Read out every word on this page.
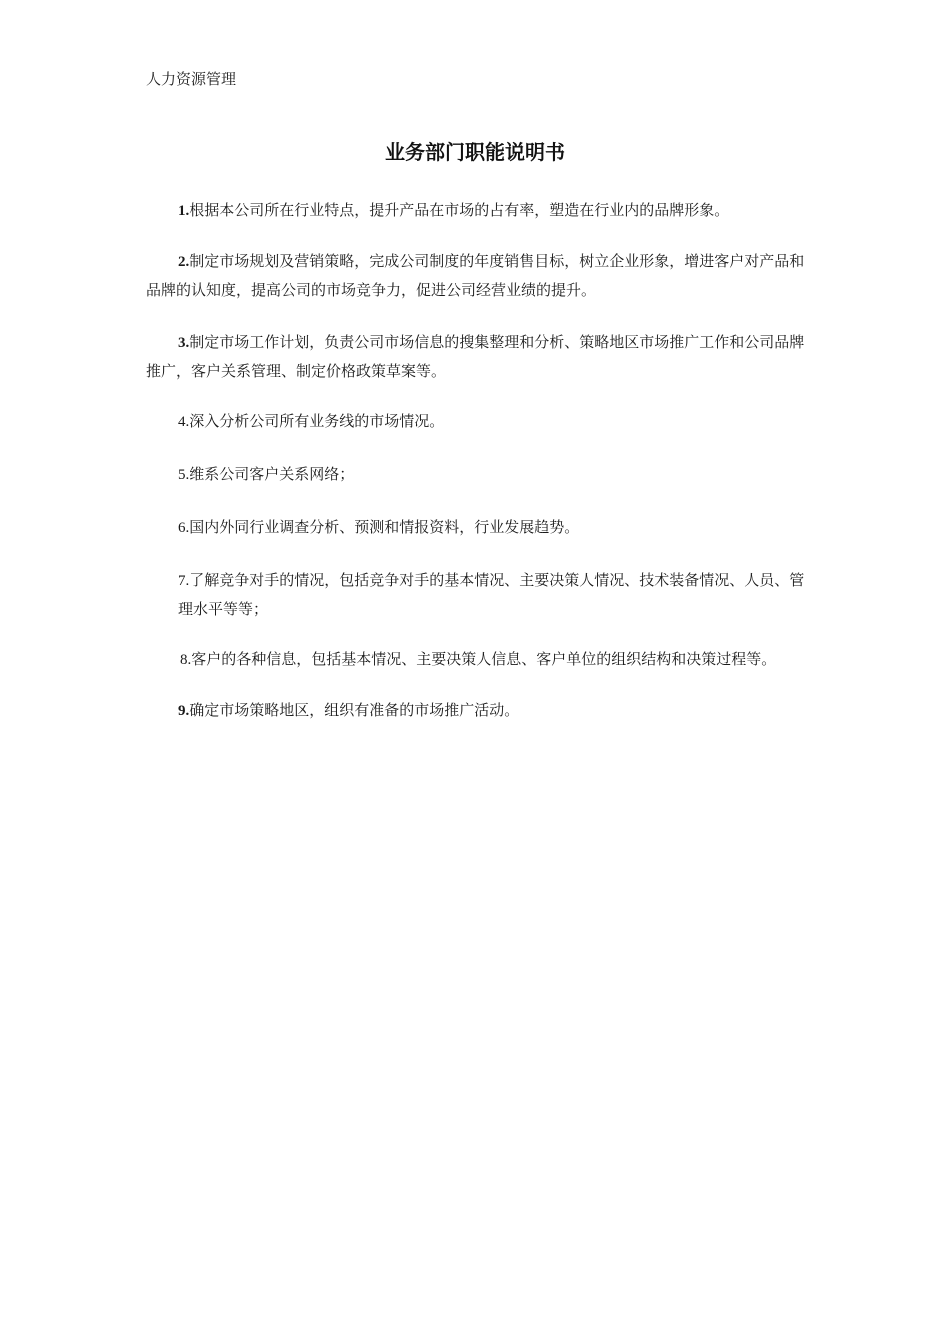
人力资源管理
业务部门职能说明书

1.根据本公司所在行业特点，提升产品在市场的占有率，塑造在行业内的品牌形象。

2.制定市场规划及营销策略，完成公司制度的年度销售目标，树立企业形象，增进客户对产品和品牌的认知度，提高公司的市场竞争力，促进公司经营业绩的提升。

3.制定市场工作计划，负责公司市场信息的搜集整理和分析、策略地区市场推广工作和公司品牌推广，客户关系管理、制定价格政策草案等。

4.深入分析公司所有业务线的市场情况。

5.维系公司客户关系网络；

6.国内外同行业调查分析、预测和情报资料，行业发展趋势。

7.了解竞争对手的情况，包括竞争对手的基本情况、主要决策人情况、技术装备情况、人员、管理水平等等；

8.客户的各种信息，包括基本情况、主要决策人信息、客户单位的组织结构和决策过程等。

9.确定市场策略地区，组织有准备的市场推广活动。
